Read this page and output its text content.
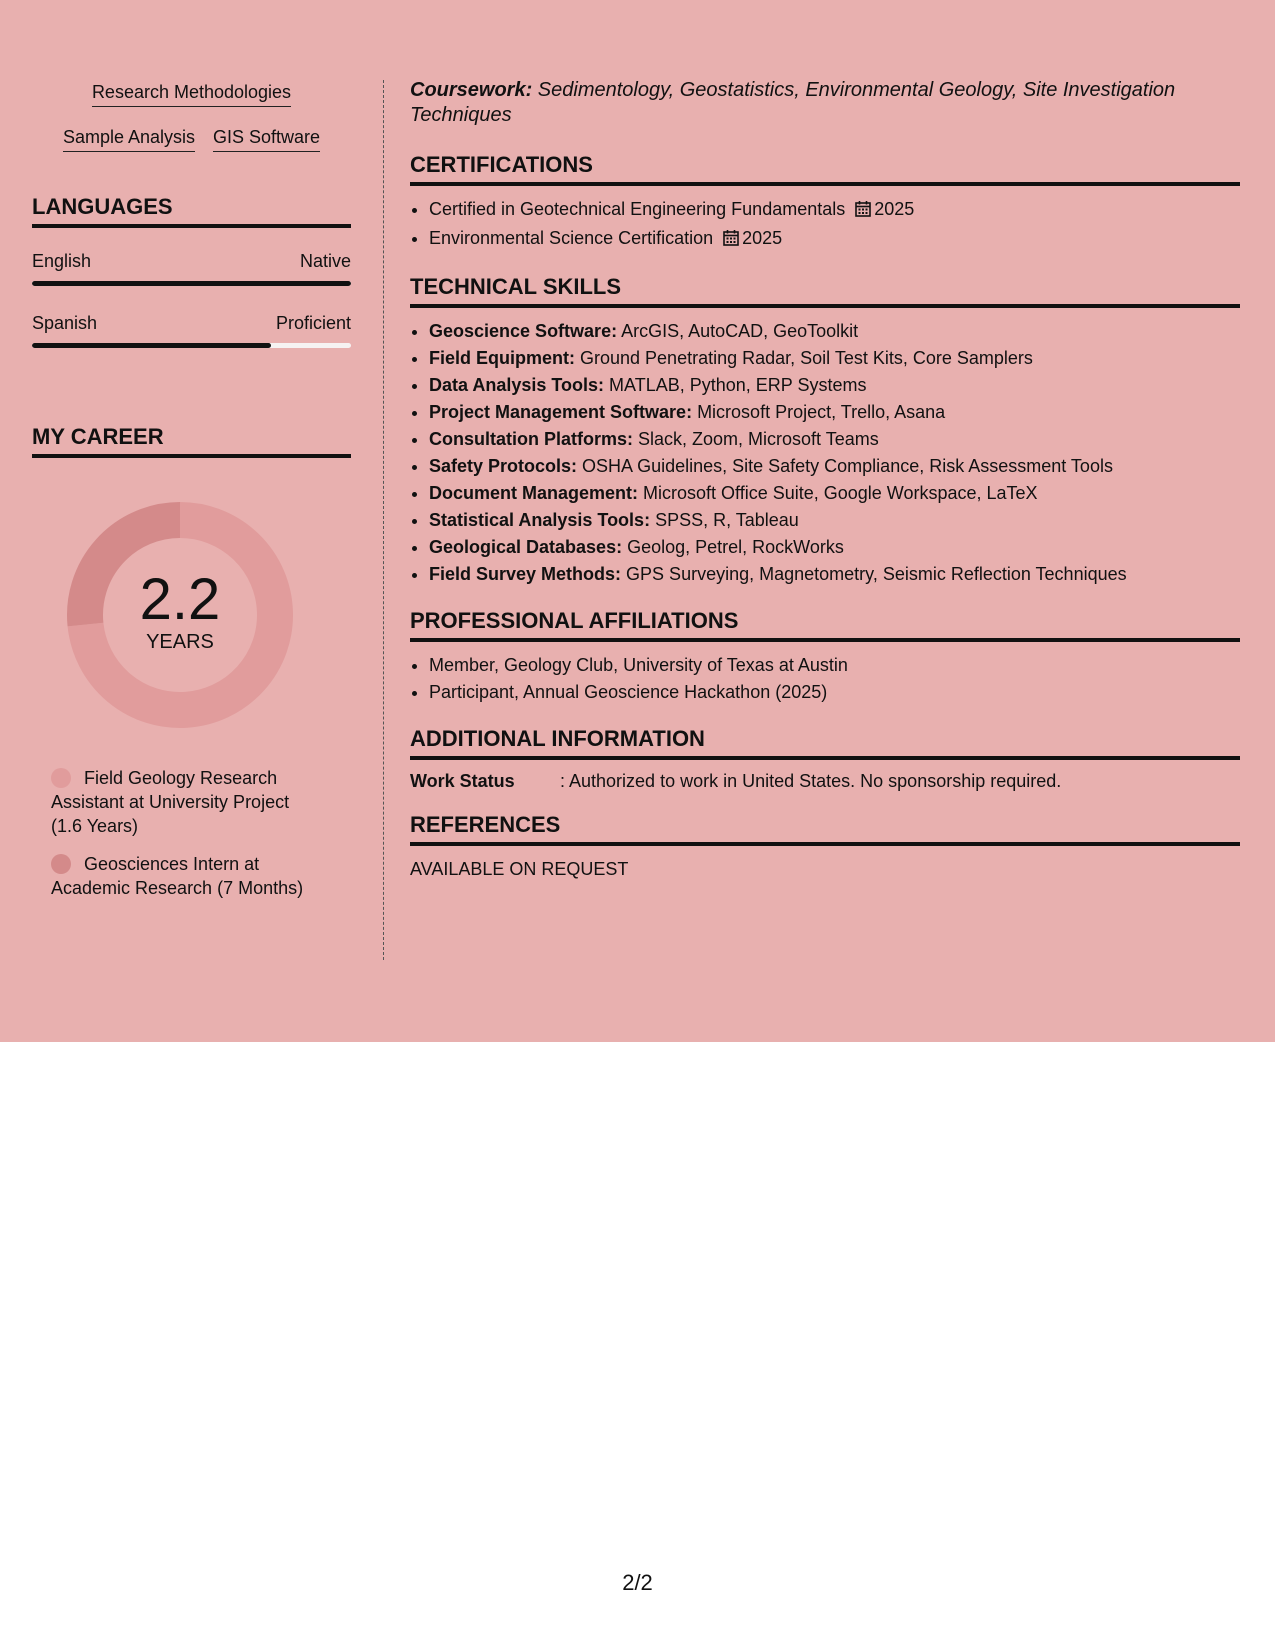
Research Methodologies
Sample Analysis GIS Software
LANGUAGES
English	Native
Spanish	Proficient
MY CAREER
2.2
YEARS
Field Geology Research Assistant at University Project (1.6 Years)
Geosciences Intern at Academic Research (7 Months)
Coursework: Sedimentology, Geostatistics, Environmental Geology, Site Investigation Techniques
CERTIFICATIONS
• Certified in Geotechnical Engineering Fundamentals 2025
• Environmental Science Certification 2025
TECHNICAL SKILLS
• Geoscience Software: ArcGIS, AutoCAD, GeoToolkit
• Field Equipment: Ground Penetrating Radar, Soil Test Kits, Core Samplers
• Data Analysis Tools: MATLAB, Python, ERP Systems
• Project Management Software: Microsoft Project, Trello, Asana
• Consultation Platforms: Slack, Zoom, Microsoft Teams
• Safety Protocols: OSHA Guidelines, Site Safety Compliance, Risk Assessment Tools
• Document Management: Microsoft Office Suite, Google Workspace, LaTeX
• Statistical Analysis Tools: SPSS, R, Tableau
• Geological Databases: Geolog, Petrel, RockWorks
• Field Survey Methods: GPS Surveying, Magnetometry, Seismic Reflection Techniques
PROFESSIONAL AFFILIATIONS
• Member, Geology Club, University of Texas at Austin
• Participant, Annual Geoscience Hackathon (2025)
ADDITIONAL INFORMATION
Work Status	: Authorized to work in United States. No sponsorship required.
REFERENCES
AVAILABLE ON REQUEST
2/2
